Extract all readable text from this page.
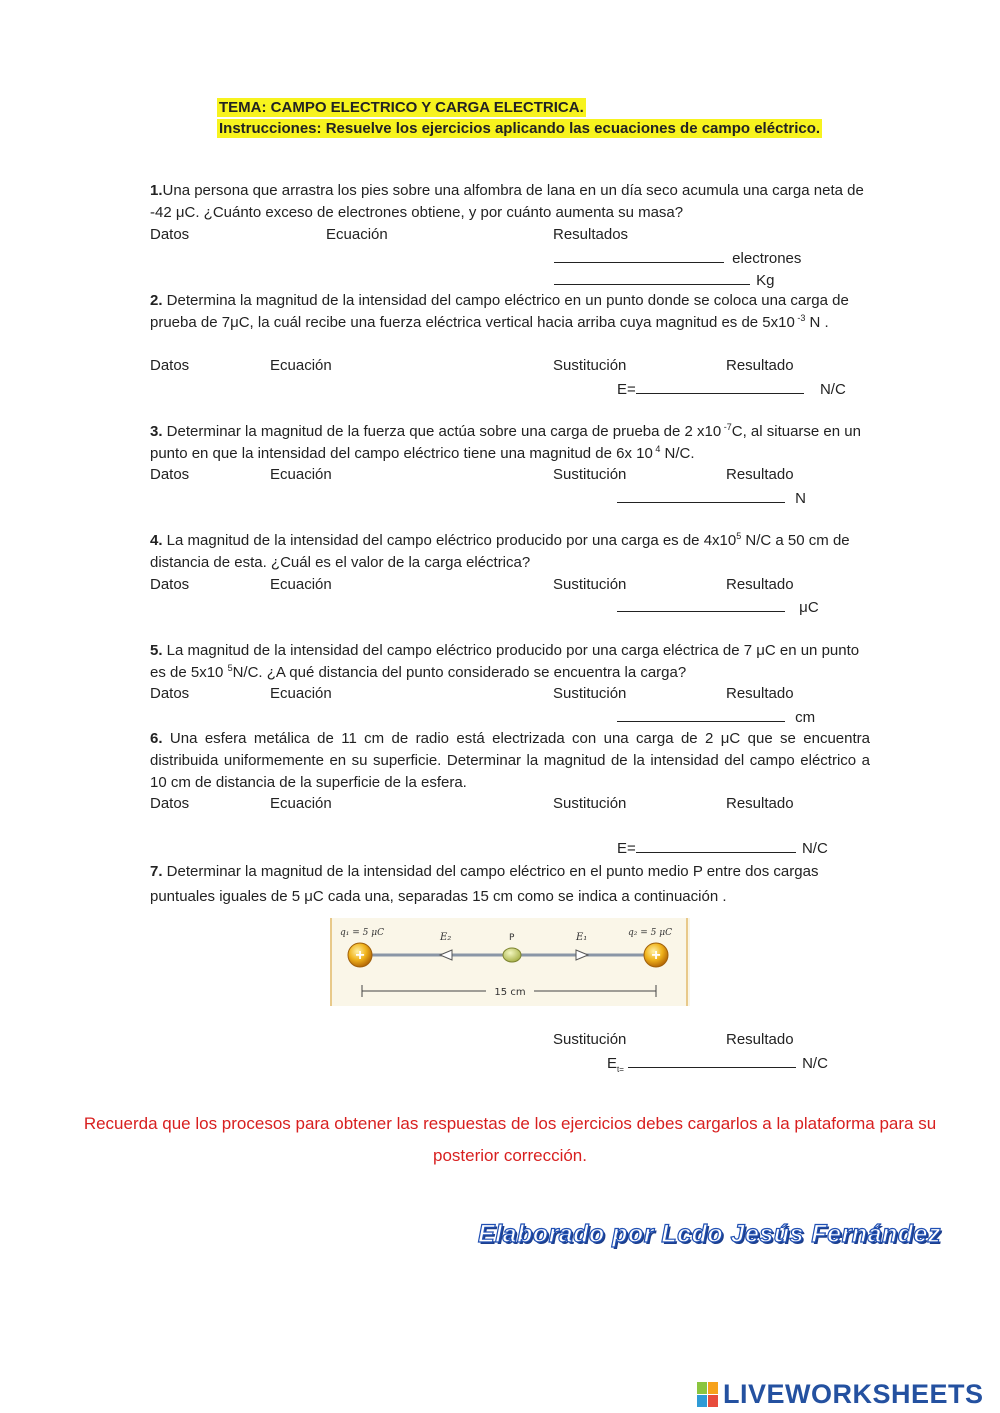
TEMA: CAMPO ELECTRICO Y CARGA ELECTRICA.
Instrucciones: Resuelve los ejercicios aplicando las ecuaciones de campo eléctrico.
1.Una persona que arrastra los pies sobre una alfombra de lana en un día seco acumula una carga neta de -42 μC. ¿Cuánto exceso de electrones obtiene, y por cuánto aumenta su masa?
Datos	Ecuación	Resultados
electrones
Kg
2. Determina la magnitud de la intensidad del campo eléctrico en un punto donde se coloca una carga de prueba de 7μC, la cuál recibe una fuerza eléctrica vertical hacia arriba cuya magnitud es de 5x10 $^{-3}$ N .
Datos	Ecuación	Sustitución	Resultado
E=	N/C
3. Determinar la magnitud de la fuerza que actúa sobre una carga de prueba de 2 x10 $^{-7}$C, al situarse en un punto en que la intensidad del campo eléctrico tiene una magnitud de 6x 10 $^4$ N/C.
Datos	Ecuación	Sustitución	Resultado
N
4. La magnitud de la intensidad del campo eléctrico producido por una carga es de $4x10^5$ N/C a 50 cm de distancia de esta. ¿Cuál es el valor de la carga eléctrica?
Datos	Ecuación	Sustitución	Resultado
μC
5. La magnitud de la intensidad del campo eléctrico producido por una carga eléctrica de 7 μC en un punto es de 5x10 $^5$N/C. ¿A qué distancia del punto considerado se encuentra la carga?
Datos	Ecuación	Sustitución	Resultado
cm
6. Una esfera metálica de 11 cm de radio está electrizada con una carga de 2 μC que se encuentra distribuida uniformemente en su superficie. Determinar la magnitud de la intensidad del campo eléctrico a 10 cm de distancia de la superficie de la esfera.
Datos	Ecuación	Sustitución	Resultado
E=	N/C
7. Determinar la magnitud de la intensidad del campo eléctrico en el punto medio P entre dos cargas puntuales iguales de 5 μC cada una, separadas 15 cm como se indica a continuación .
+	+
q₁ = 5 μC	E₂	P	E₁	q₂ = 5 μC
15 cm
Sustitución	Resultado
$E_{t=}$	N/C
Recuerda que los procesos para obtener las respuestas de los ejercicios debes cargarlos a la plataforma para su posterior corrección.
Elaborado por Lcdo Jesús Fernández
LIVEWORKSHEETS
